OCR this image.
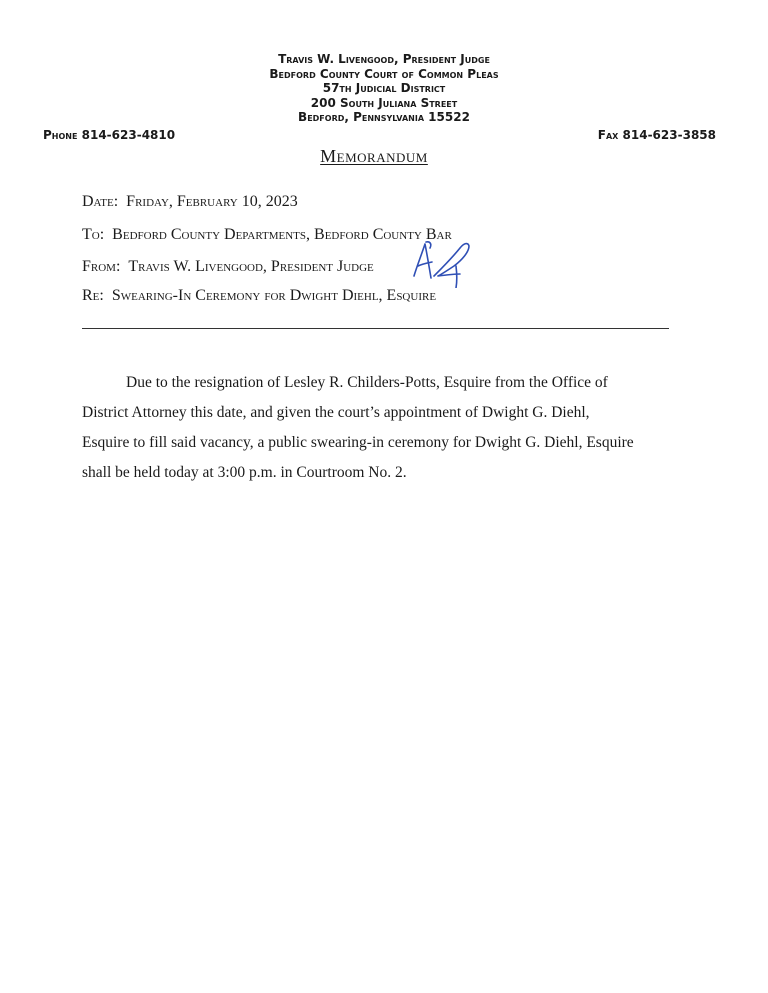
Travis W. Livengood, President Judge
Bedford County Court of Common Pleas
57th Judicial District
200 South Juliana Street
Bedford, Pennsylvania 15522
Phone 814-623-4810	Fax 814-623-3858
Memorandum
Date: Friday, February 10, 2023
To: Bedford County Departments, Bedford County Bar
From: Travis W. Livengood, President Judge
Re: Swearing-In Ceremony for Dwight Diehl, Esquire
Due to the resignation of Lesley R. Childers-Potts, Esquire from the Office of
District Attorney this date, and given the court’s appointment of Dwight G. Diehl,
Esquire to fill said vacancy, a public swearing-in ceremony for Dwight G. Diehl, Esquire
shall be held today at 3:00 p.m. in Courtroom No. 2.
